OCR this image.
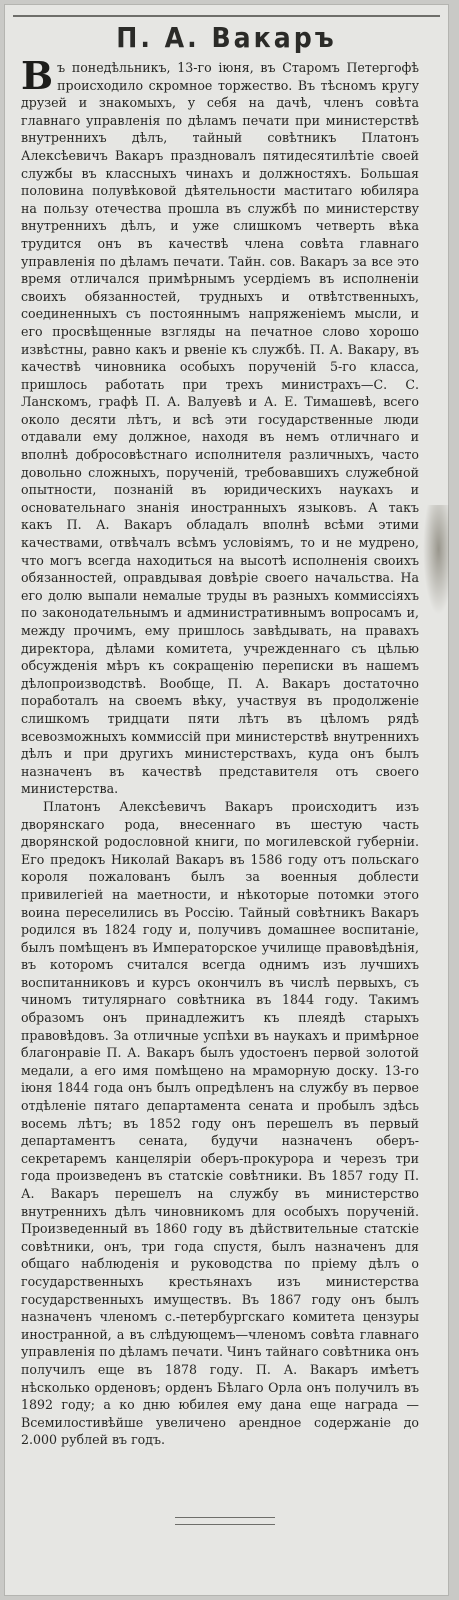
П. А. Вакаръ

Въ понедѣльникъ, 13-го іюня, въ Старомъ Петергофѣ происходило скромное торжество. Въ тѣсномъ кругу друзей и знакомыхъ, у себя на дачѣ, членъ совѣта главнаго управленія по дѣламъ печати при министерствѣ внутреннихъ дѣлъ, тайный совѣтникъ Платонъ Алексѣевичъ Вакаръ праздновалъ пятидесятилѣтіе своей службы въ классныхъ чинахъ и должностяхъ. Большая половина полувѣковой дѣятельности маститаго юбиляра на пользу отечества прошла въ службѣ по министерству внутреннихъ дѣлъ, и уже слишкомъ четверть вѣка трудится онъ въ качествѣ члена совѣта главнаго управленія по дѣламъ печати. Тайн. сов. Вакаръ за все это время отличался примѣрнымъ усердіемъ въ исполненіи своихъ обязанностей, трудныхъ и отвѣтственныхъ, соединенныхъ съ постояннымъ напряженіемъ мысли, и его просвѣщенные взгляды на печатное слово хорошо извѣстны, равно какъ и рвеніе къ службѣ. П. А. Вакару, въ качествѣ чиновника особыхъ порученій 5-го класса, пришлось работать при трехъ министрахъ—С. С. Ланскомъ, графѣ П. А. Валуевѣ и А. Е. Тимашевѣ, всего около десяти лѣтъ, и всѣ эти государственные люди отдавали ему должное, находя въ немъ отличнаго и вполнѣ добросовѣстнаго исполнителя различныхъ, часто довольно сложныхъ, порученій, требовавшихъ служебной опытности, познаній въ юридическихъ наукахъ и основательнаго знанія иностранныхъ языковъ. А такъ какъ П. А. Вакаръ обладалъ вполнѣ всѣми этими качествами, отвѣчалъ всѣмъ условіямъ, то и не мудрено, что могъ всегда находиться на высотѣ исполненія своихъ обязанностей, оправдывая довѣріе своего начальства. На его долю выпали немалые труды въ разныхъ коммиссіяхъ по законодательнымъ и административнымъ вопросамъ и, между прочимъ, ему пришлось завѣдывать, на правахъ директора, дѣлами комитета, учрежденнаго съ цѣлью обсужденія мѣръ къ сокращенію переписки въ нашемъ дѣлопроизводствѣ. Вообще, П. А. Вакаръ достаточно поработалъ на своемъ вѣку, участвуя въ продолженіе слишкомъ тридцати пяти лѣтъ въ цѣломъ рядѣ всевозможныхъ коммиссій при министерствѣ внутреннихъ дѣлъ и при другихъ министерствахъ, куда онъ былъ назначенъ въ качествѣ представителя отъ своего министерства.

Платонъ Алексѣевичъ Вакаръ происходитъ изъ дворянскаго рода, внесеннаго въ шестую часть дворянской родословной книги, по могилевской губерніи. Его предокъ Николай Вакаръ въ 1586 году отъ польскаго короля пожалованъ былъ за военныя доблести привилегіей на маетности, и нѣкоторые потомки этого воина переселились въ Россію. Тайный совѣтникъ Вакаръ родился въ 1824 году и, получивъ домашнее воспитаніе, былъ помѣщенъ въ Императорское училище правовѣдѣнія, въ которомъ считался всегда однимъ изъ лучшихъ воспитанниковъ и курсъ окончилъ въ числѣ первыхъ, съ чиномъ титулярнаго совѣтника въ 1844 году. Такимъ образомъ онъ принадлежитъ къ плеядѣ старыхъ правовѣдовъ. За отличные успѣхи въ наукахъ и примѣрное благонравіе П. А. Вакаръ былъ удостоенъ первой золотой медали, а его имя помѣщено на мраморную доску. 13-го іюня 1844 года онъ былъ опредѣленъ на службу въ первое отдѣленіе пятаго департамента сената и пробылъ здѣсь восемь лѣтъ; въ 1852 году онъ перешелъ въ первый департаментъ сената, будучи назначенъ оберъ-секретаремъ канцеляріи оберъ-прокурора и черезъ три года произведенъ въ статскіе совѣтники. Въ 1857 году П. А. Вакаръ перешелъ на службу въ министерство внутреннихъ дѣлъ чиновникомъ для особыхъ порученій. Произведенный въ 1860 году въ дѣйствительные статскіе совѣтники, онъ, три года спустя, былъ назначенъ для общаго наблюденія и руководства по пріему дѣлъ о государственныхъ крестьянахъ изъ министерства государственныхъ имуществъ. Въ 1867 году онъ былъ назначенъ членомъ с.-петербургскаго комитета цензуры иностранной, а въ слѣдующемъ—членомъ совѣта главнаго управленія по дѣламъ печати. Чинъ тайнаго совѣтника онъ получилъ еще въ 1878 году. П. А. Вакаръ имѣетъ нѣсколько орденовъ; орденъ Бѣлаго Орла онъ получилъ въ 1892 году; а ко дню юбилея ему дана еще награда — Всемилостивѣйше увеличено арендное содержаніе до 2.000 рублей въ годъ.
